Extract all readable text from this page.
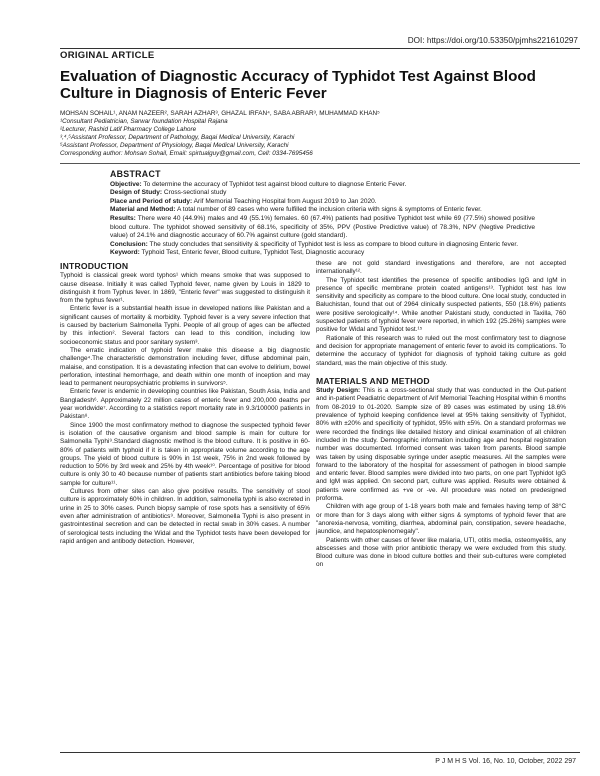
DOI: https://doi.org/10.53350/pjmhs221610297
ORIGINAL ARTICLE
Evaluation of Diagnostic Accuracy of Typhidot Test Against Blood Culture in Diagnosis of Enteric Fever
MOHSAN SOHAIL¹, ANAM NAZEER², SARAH AZHAR³, GHAZAL IRFAN⁴, SABA ABRAR³, MUHAMMAD KHAN⁵
¹Consultant Pediatrician, Sarwar foundation Hospital Rajana
²Lecturer, Rashid Latif Pharmacy College Lahore
³,⁴,⁵Assistant Professor, Department of Pathology, Baqai Medical University, Karachi
⁵Assistant Professor, Department of Physiology, Baqai Medical University, Karachi
Corresponding author: Mohsan Sohail, Email: spirtualguy@gmail.com, Cell: 0334-7695456
ABSTRACT

Objective: To determine the accuracy of Typhidot test against blood culture to diagnose Enteric Fever.

Design of Study: Cross-sectional study

Place and Period of study: Arif Memorial Teaching Hospital from August 2019 to Jan 2020.

Material and Method: A total number of 89 cases who were fulfilled the inclusion criteria with signs & symptoms of Enteric fever.

Results: There were 40 (44.9%) males and 49 (55.1%) females. 60 (67.4%) patients had positive Typhidot test while 69 (77.5%) showed positive blood culture. The typhidot showed sensitivity of 68.1%, specificity of 35%, PPV (Postive Predictive value) of 78.3%, NPV (Negtive Predictive value) of 24.1% and diagnostic accuracy of 60.7% against culture (gold standard).

Conclusion: The study concludes that sensitivity & specificity of Typhidot test is less as compare to blood culture in diagnosing Enteric fever.

Keyword: Typhoid Test, Enteric fever, Blood culture, Typhidot Test, Diagnostic accuracy

INTRODUCTION

Typhoid is classical greek word typhos¹ which means smoke that was supposed to cause disease. Initially it was called Typhoid fever, name given by Louis in 1829 to distinguish it from Typhus fever. In 1869, "Enteric fever" was suggested to distinguish it from the typhus fever¹.

Enteric fever is a substantial health issue in developed nations like Pakistan and a significant causes of mortality & morbidity. Typhoid fever is a very severe infection that is caused by bacterium Salmonella Typhi. People of all group of ages can be affected by this infection². Several factors can lead to this condition, including low socioeconomic status and poor sanitary system³.

The erratic indication of typhoid fever make this disease a big diagnostic challenge⁴.The characteristic demonstration including fever, diffuse abdominal pain, malaise, and constipation. It is a devastating infection that can evolve to delirium, bowel perforation, intestinal hemorrhage, and death within one month of inception and may lead to permanent neuropsychiatric problems in survivors⁵.

Enteric fever is endemic in developing countries like Pakistan, South Asia, India and Bangladesh⁶. Approximately 22 million cases of enteric fever and 200,000 deaths per year worldwide⁷. According to a statistics report mortality rate in 9.3/100000 patients in Pakistan⁸.

Since 1900 the most confirmatory method to diagnose the suspected typhoid fever is isolation of the causative organism and blood sample is main for culture for Salmonella Typhi⁹.Standard diagnostic method is the blood culture. It is positive in 60-80% of patients with typhoid if it is taken in appropriate volume according to the age groups. The yield of blood culture is 90% in 1st week, 75% in 2nd week followed by reduction to 50% by 3rd week and 25% by 4th week¹⁰. Percentage of positive for blood culture is only 30 to 40 because number of patients start antibiotics before taking blood sample for culture¹¹.

Cultures from other sites can also give positive results. The sensitivity of stool culture is approximately 60% in children. In addition, salmonella typhi is also excreted in urine in 25 to 30% cases. Punch biopsy sample of rose spots has a sensitivity of 65% even after administration of antibiotics⁹. Moreover, Salmonella Typhi is also present in gastrointestinal secretion and can be detected in rectal swab in 30% cases. A number of serological tests including the Widal and the Typhidot tests have been developed for rapid antigen and antibody detection. However,

these are not gold standard investigations and therefore, are not accepted internationally¹².

The Typhidot test identifies the presence of specific antibodies IgG and IgM in presence of specific membrane protein coated antigens¹³. Typhidot test has low sensitivity and specificity as compare to the blood culture. One local study, conducted in Baluchistan, found that out of 2964 clinically suspected patients, 550 (18.6%) patients were positive serologically¹⁴. While another Pakistani study, conducted in Taxilla, 760 suspected patients of typhoid fever were reported, in which 192 (25.26%) samples were positive for Widal and Typhidot test.¹⁵

Rationale of this research was to ruled out the most confirmatory test to diagnose and decision for appropriate management of enteric fever to avoid its complications. To determine the accuracy of typhidot for diagnosis of typhoid taking culture as gold standard, was the main objective of this study.

MATERIALS AND METHOD

Study Design: This is a cross-sectional study that was conducted in the Out-patient and in-patient Peadiatric department of Arif Memorial Teaching Hospital within 6 months from 08-2019 to 01-2020. Sample size of 89 cases was estimated by using 18.6% prevalence of typhoid keeping confidence level at 95% taking sensitivity of Typhidot, 80% with ±20% and specificity of typhidot, 95% with ±5%. On a standard proformas we were recorded the findings like detailed history and clinical examination of all children included in the study. Demographic information including age and hospital registration number was documented. Informed consent was taken from parents. Blood sample was taken by using disposable syringe under aseptic measures. All the samples were forward to the laboratory of the hospital for assessment of pathogen in blood sample and enteric fever. Blood samples were divided into two parts, on one part Typhidot IgG and IgM was applied. On second part, culture was applied. Results were obtained & patients were confirmed as +ve or -ve. All procedure was noted on predesigned proforma.

Children with age group of 1-18 years both male and females having temp of 38°C or more than for 3 days along with either signs & symptoms of typhoid fever that are "anorexia-nervosa, vomiting, diarrhea, abdominal pain, constipation, severe headache, jaundice, and hepatosplenomegaly".

Patients with other causes of fever like malaria, UTI, otitis media, osteomyelitis, any abscesses and those with prior antibiotic therapy we were excluded from this study. Blood culture was done in blood culture bottles and their sub-cultures were completed on

P J M H S Vol. 16, No. 10, October, 2022 297
